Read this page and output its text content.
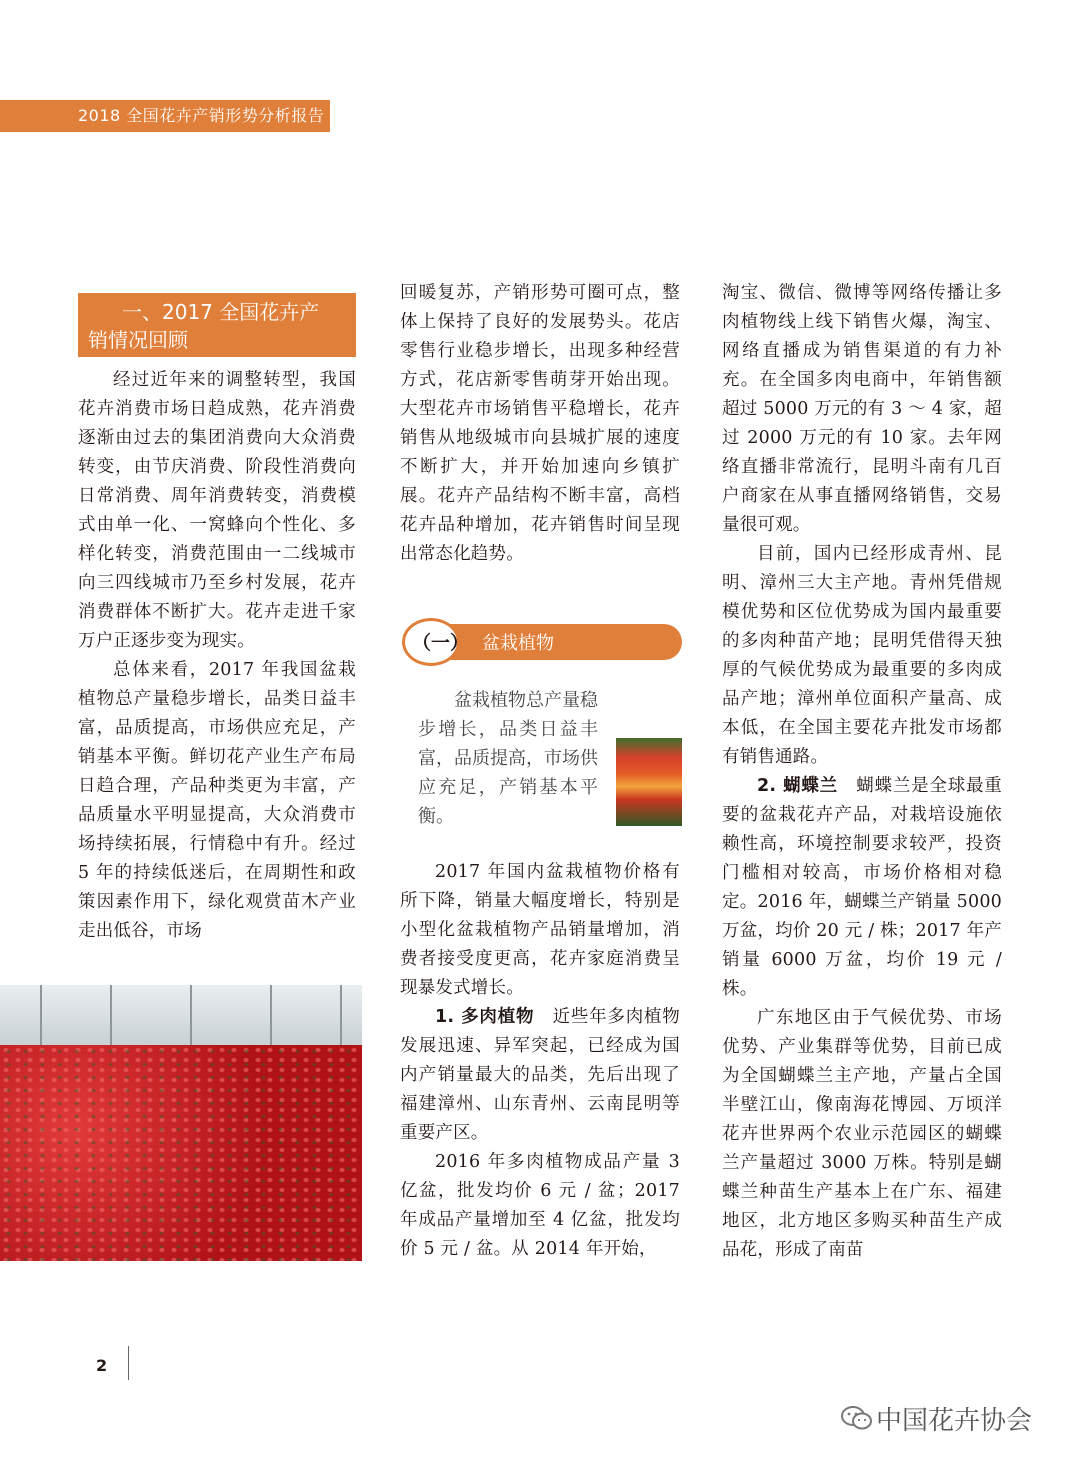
2018 全国花卉产销形势分析报告
一、2017 全国花卉产
销情况回顾

经过近年来的调整转型，我国花卉消费市场日趋成熟，花卉消费逐渐由过去的集团消费向大众消费转变，由节庆消费、阶段性消费向日常消费、周年消费转变，消费模式由单一化、一窝蜂向个性化、多样化转变，消费范围由一二线城市向三四线城市乃至乡村发展，花卉消费群体不断扩大。花卉走进千家万户正逐步变为现实。

总体来看，2017 年我国盆栽植物总产量稳步增长，品类日益丰富，品质提高，市场供应充足，产销基本平衡。鲜切花产业生产布局日趋合理，产品种类更为丰富，产品质量水平明显提高，大众消费市场持续拓展，行情稳中有升。经过 5 年的持续低迷后，在周期性和政策因素作用下，绿化观赏苗木产业走出低谷，市场

回暖复苏，产销形势可圈可点，整体上保持了良好的发展势头。花店零售行业稳步增长，出现多种经营方式，花店新零售萌芽开始出现。大型花卉市场销售平稳增长，花卉销售从地级城市向县城扩展的速度不断扩大，并开始加速向乡镇扩展。花卉产品结构不断丰富，高档花卉品种增加，花卉销售时间呈现出常态化趋势。

（一） 盆栽植物

盆栽植物总产量稳步增长，品类日益丰富，品质提高，市场供应充足，产销基本平衡。

2017 年国内盆栽植物价格有所下降，销量大幅度增长，特别是小型化盆栽植物产品销量增加，消费者接受度更高，花卉家庭消费呈现暴发式增长。

1. 多肉植物　 近些年多肉植物发展迅速、异军突起，已经成为国内产销量最大的品类，先后出现了福建漳州、山东青州、云南昆明等重要产区。

2016 年多肉植物成品产量 3 亿盆，批发均价 6 元 / 盆；2017 年成品产量增加至 4 亿盆，批发均价 5 元 / 盆。从 2014 年开始，

淘宝、微信、微博等网络传播让多肉植物线上线下销售火爆，淘宝、网络直播成为销售渠道的有力补充。在全国多肉电商中，年销售额超过 5000 万元的有 3 ～ 4 家，超过 2000 万元的有 10 家。去年网络直播非常流行，昆明斗南有几百户商家在从事直播网络销售，交易量很可观。

目前，国内已经形成青州、昆明、漳州三大主产地。青州凭借规模优势和区位优势成为国内最重要的多肉种苗产地；昆明凭借得天独厚的气候优势成为最重要的多肉成品产地；漳州单位面积产量高、成本低，在全国主要花卉批发市场都有销售通路。

2. 蝴蝶兰　 蝴蝶兰是全球最重要的盆栽花卉产品，对栽培设施依赖性高，环境控制要求较严，投资门槛相对较高，市场价格相对稳定。2016 年，蝴蝶兰产销量 5000 万盆，均价 20 元 / 株；2017 年产销量 6000 万盆，均价 19 元 / 株。

广东地区由于气候优势、市场优势、产业集群等优势，目前已成为全国蝴蝶兰主产地，产量占全国半壁江山，像南海花博园、万顷洋花卉世界两个农业示范园区的蝴蝶兰产量超过 3000 万株。特别是蝴蝶兰种苗生产基本上在广东、福建地区，北方地区多购买种苗生产成品花，形成了南苗

2
中国花卉协会
